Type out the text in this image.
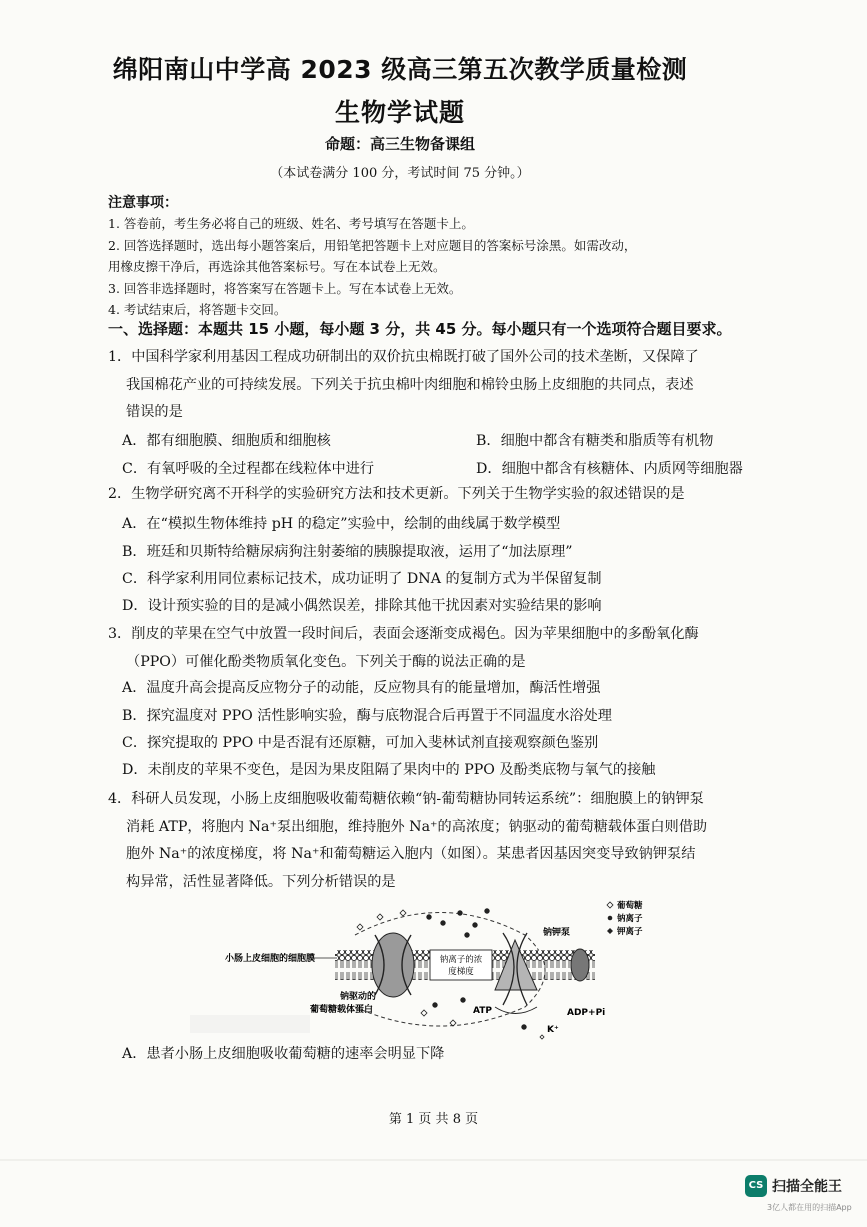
绵阳南山中学高 2023 级高三第五次教学质量检测
生物学试题
命题：高三生物备课组
（本试卷满分 100 分，考试时间 75 分钟。）
注意事项：
1. 答卷前，考生务必将自己的班级、姓名、考号填写在答题卡上。
2. 回答选择题时，选出每小题答案后，用铅笔把答题卡上对应题目的答案标号涂黑。如需改动，
用橡皮擦干净后，再选涂其他答案标号。写在本试卷上无效。
3. 回答非选择题时，将答案写在答题卡上。写在本试卷上无效。
4. 考试结束后，将答题卡交回。
一、选择题：本题共 15 小题，每小题 3 分，共 45 分。每小题只有一个选项符合题目要求。
1．中国科学家利用基因工程成功研制出的双价抗虫棉既打破了国外公司的技术垄断，又保障了
我国棉花产业的可持续发展。下列关于抗虫棉叶肉细胞和棉铃虫肠上皮细胞的共同点，表述
错误的是
A．都有细胞膜、细胞质和细胞核	B．细胞中都含有糖类和脂质等有机物
C．有氧呼吸的全过程都在线粒体中进行	D．细胞中都含有核糖体、内质网等细胞器
2．生物学研究离不开科学的实验研究方法和技术更新。下列关于生物学实验的叙述错误的是
A．在“模拟生物体维持 pH 的稳定”实验中，绘制的曲线属于数学模型
B．班廷和贝斯特给糖尿病狗注射萎缩的胰腺提取液，运用了“加法原理”
C．科学家利用同位素标记技术，成功证明了 DNA 的复制方式为半保留复制
D．设计预实验的目的是减小偶然误差，排除其他干扰因素对实验结果的影响
3．削皮的苹果在空气中放置一段时间后，表面会逐渐变成褐色。因为苹果细胞中的多酚氧化酶
（PPO）可催化酚类物质氧化变色。下列关于酶的说法正确的是
A．温度升高会提高反应物分子的动能，反应物具有的能量增加，酶活性增强
B．探究温度对 PPO 活性影响实验，酶与底物混合后再置于不同温度水浴处理
C．探究提取的 PPO 中是否混有还原糖，可加入斐林试剂直接观察颜色鉴别
D．未削皮的苹果不变色，是因为果皮阻隔了果肉中的 PPO 及酚类底物与氧气的接触
4．科研人员发现，小肠上皮细胞吸收葡萄糖依赖“钠-葡萄糖协同转运系统”：细胞膜上的钠钾泵
消耗 ATP，将胞内 Na⁺泵出细胞，维持胞外 Na⁺的高浓度；钠驱动的葡萄糖载体蛋白则借助
胞外 Na⁺的浓度梯度，将 Na⁺和葡萄糖运入胞内（如图）。某患者因基因突变导致钠钾泵结
构异常，活性显著降低。下列分析错误的是
钠离子的浓
度梯度
小肠上皮细胞的细胞膜
钠驱动的
葡萄糖载体蛋白
钠钾泵
ATP	ADP+Pi
K⁺
葡萄糖
钠离子
钾离子
A．患者小肠上皮细胞吸收葡萄糖的速率会明显下降
第 1 页 共 8 页
CS 扫描全能王
3亿人都在用的扫描App
